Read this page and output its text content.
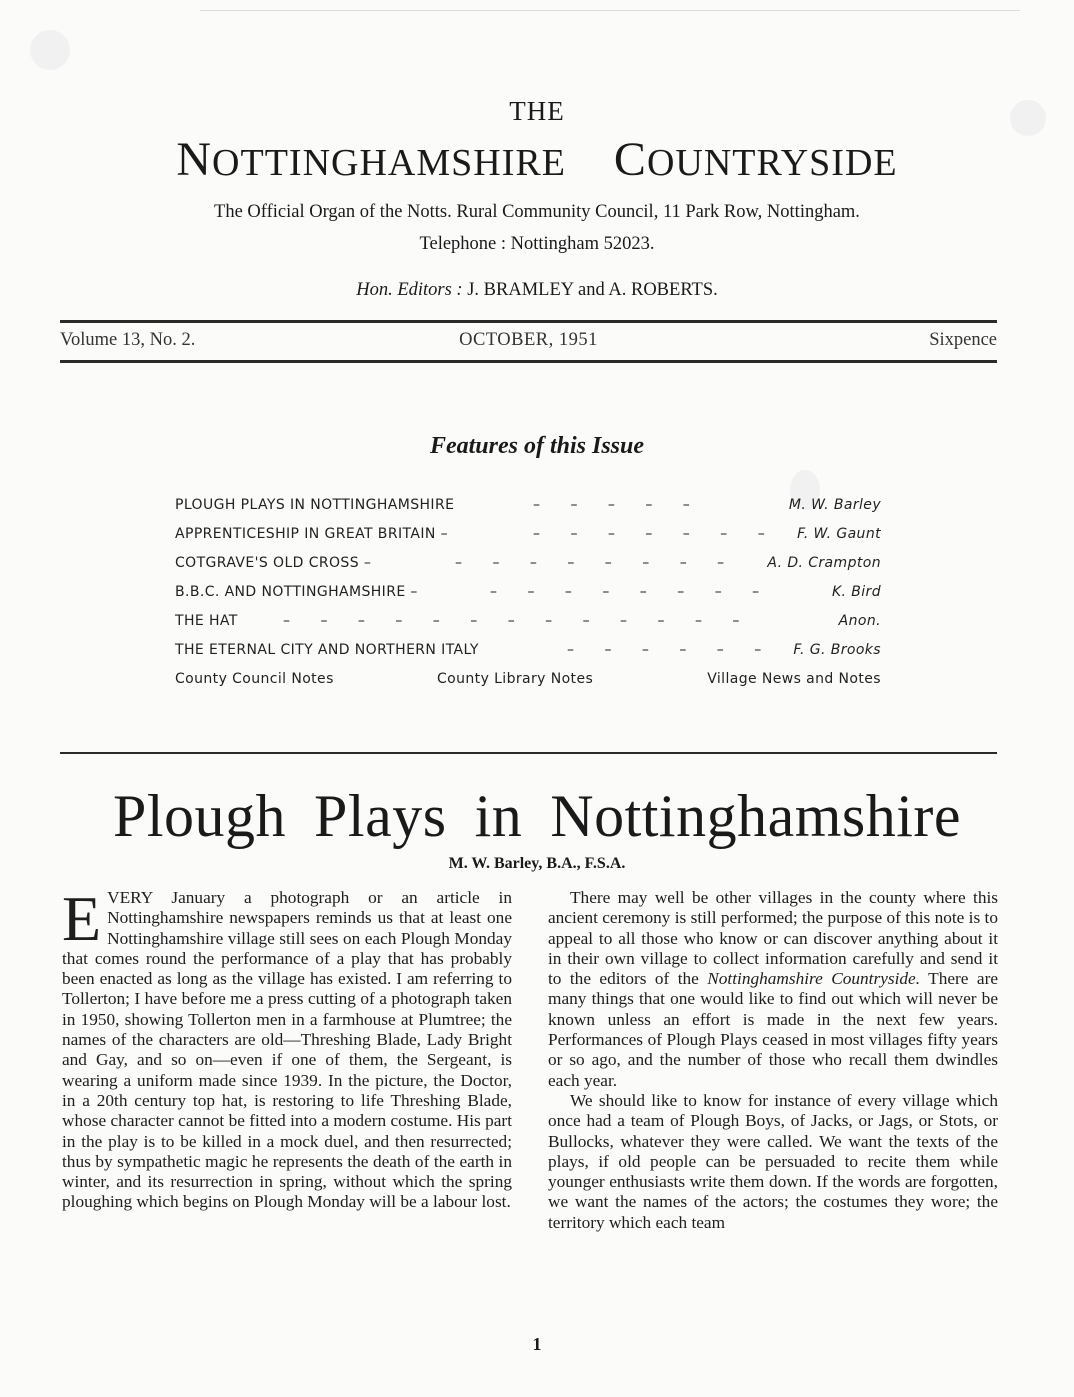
THE
NOTTINGHAMSHIRE COUNTRYSIDE
The Official Organ of the Notts. Rural Community Council, 11 Park Row, Nottingham.
Telephone : Nottingham 52023.
Hon. Editors : J. BRAMLEY and A. ROBERTS.
Volume 13, No. 2.	OCTOBER, 1951	Sixpence
Features of this Issue
PLOUGH PLAYS IN NOTTINGHAMSHIRE	– – – – –	M. W. Barley
APPRENTICESHIP IN GREAT BRITAIN –	– – – – – – – F. W. Gaunt
COTGRAVE'S OLD CROSS –	– – – – – – – – A. D. Crampton
B.B.C. AND NOTTINGHAMSHIRE –	– – – – – – – –	K. Bird
THE HAT	– – – – – – – – – – – – –	Anon.
THE ETERNAL CITY AND NORTHERN ITALY	– – – – – – F. G. Brooks
County Council Notes	County Library Notes	Village News and Notes
Plough Plays in Nottinghamshire
M. W. Barley, B.A., F.S.A.

EVERY January a photograph or an article in Nottinghamshire newspapers reminds us that at least one Nottinghamshire village still sees on each Plough Monday that comes round the performance of a play that has probably been enacted as long as the village has existed. I am referring to Tollerton; I have before me a press cutting of a photograph taken in 1950, showing Tollerton men in a farmhouse at Plumtree; the names of the characters are old—Threshing Blade, Lady Bright and Gay, and so on—even if one of them, the Sergeant, is wearing a uniform made since 1939. In the picture, the Doctor, in a 20th century top hat, is restoring to life Threshing Blade, whose character cannot be fitted into a modern costume. His part in the play is to be killed in a mock duel, and then resurrected; thus by sympathetic magic he represents the death of the earth in winter, and its resurrection in spring, without which the spring ploughing which begins on Plough Monday will be a labour lost.

There may well be other villages in the county where this ancient ceremony is still performed; the purpose of this note is to appeal to all those who know or can discover anything about it in their own village to collect information carefully and send it to the editors of the Nottinghamshire Countryside. There are many things that one would like to find out which will never be known unless an effort is made in the next few years. Performances of Plough Plays ceased in most villages fifty years or so ago, and the number of those who recall them dwindles each year.

We should like to know for instance of every village which once had a team of Plough Boys, of Jacks, or Jags, or Stots, or Bullocks, whatever they were called. We want the texts of the plays, if old people can be persuaded to recite them while younger enthusiasts write them down. If the words are forgotten, we want the names of the actors; the costumes they wore; the territory which each team

1
